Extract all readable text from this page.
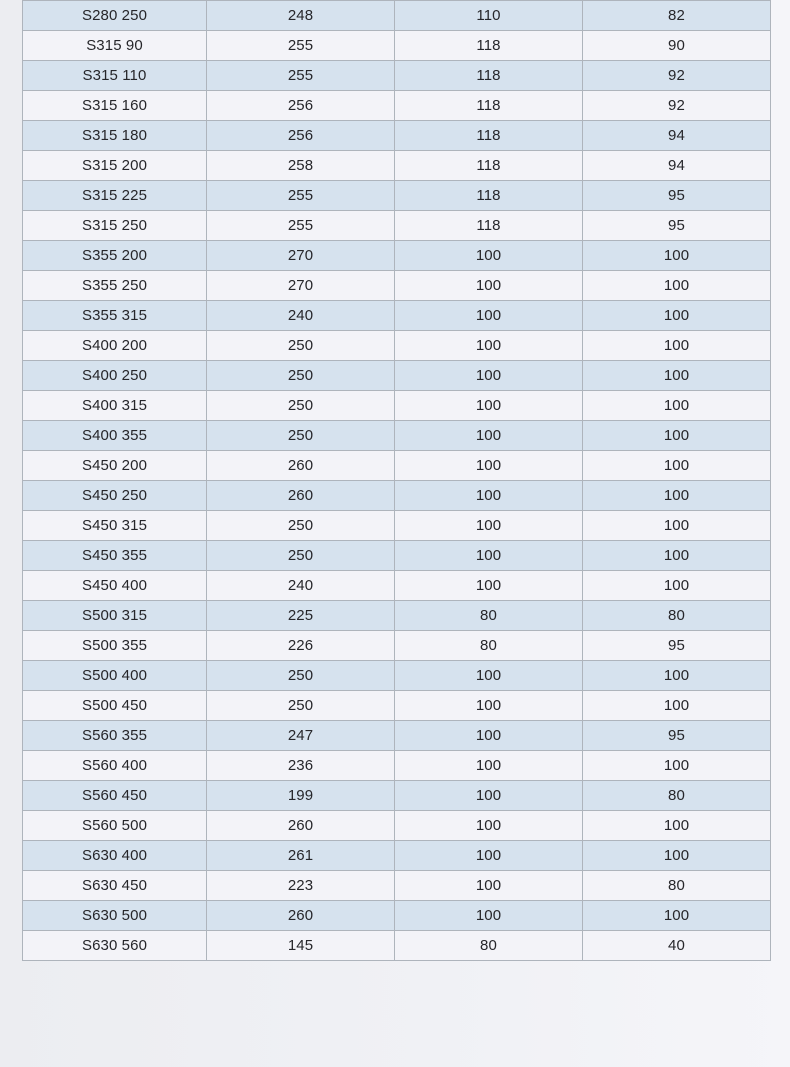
S280 250	248	110	82
S315 90	255	118	90
S315 110	255	118	92
S315 160	256	118	92
S315 180	256	118	94
S315 200	258	118	94
S315 225	255	118	95
S315 250	255	118	95
S355 200	270	100	100
S355 250	270	100	100
S355 315	240	100	100
S400 200	250	100	100
S400 250	250	100	100
S400 315	250	100	100
S400 355	250	100	100
S450 200	260	100	100
S450 250	260	100	100
S450 315	250	100	100
S450 355	250	100	100
S450 400	240	100	100
S500 315	225	80	80
S500 355	226	80	95
S500 400	250	100	100
S500 450	250	100	100
S560 355	247	100	95
S560 400	236	100	100
S560 450	199	100	80
S560 500	260	100	100
S630 400	261	100	100
S630 450	223	100	80
S630 500	260	100	100
S630 560	145	80	40
